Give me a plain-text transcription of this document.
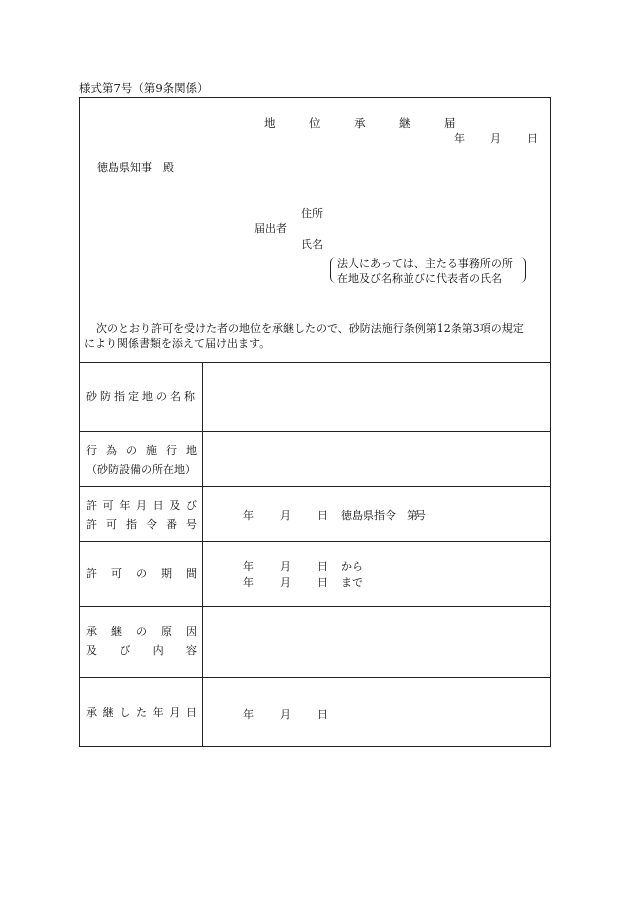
様式第7号（第9条関係）
地　位　承　継　届
年 月 日
徳島県知事　殿
届出者
住所
氏名
法人にあっては、主たる事務所の所
在地及び名称並びに代表者の氏名
次のとおり許可を受けた者の地位を承継したので、砂防法施行条例第12条第3項の規定
により関係書類を添えて届け出ます。
砂防指定地の名称
行為の施行地
（砂防設備の所在地）
許可年月日及び
許可指令番号
年 月 日 徳島県指令　第号
許可の期間
年 月 日 から
年 月 日 まで
承継の原因
及び内容
承継した年月日	年 月 日
